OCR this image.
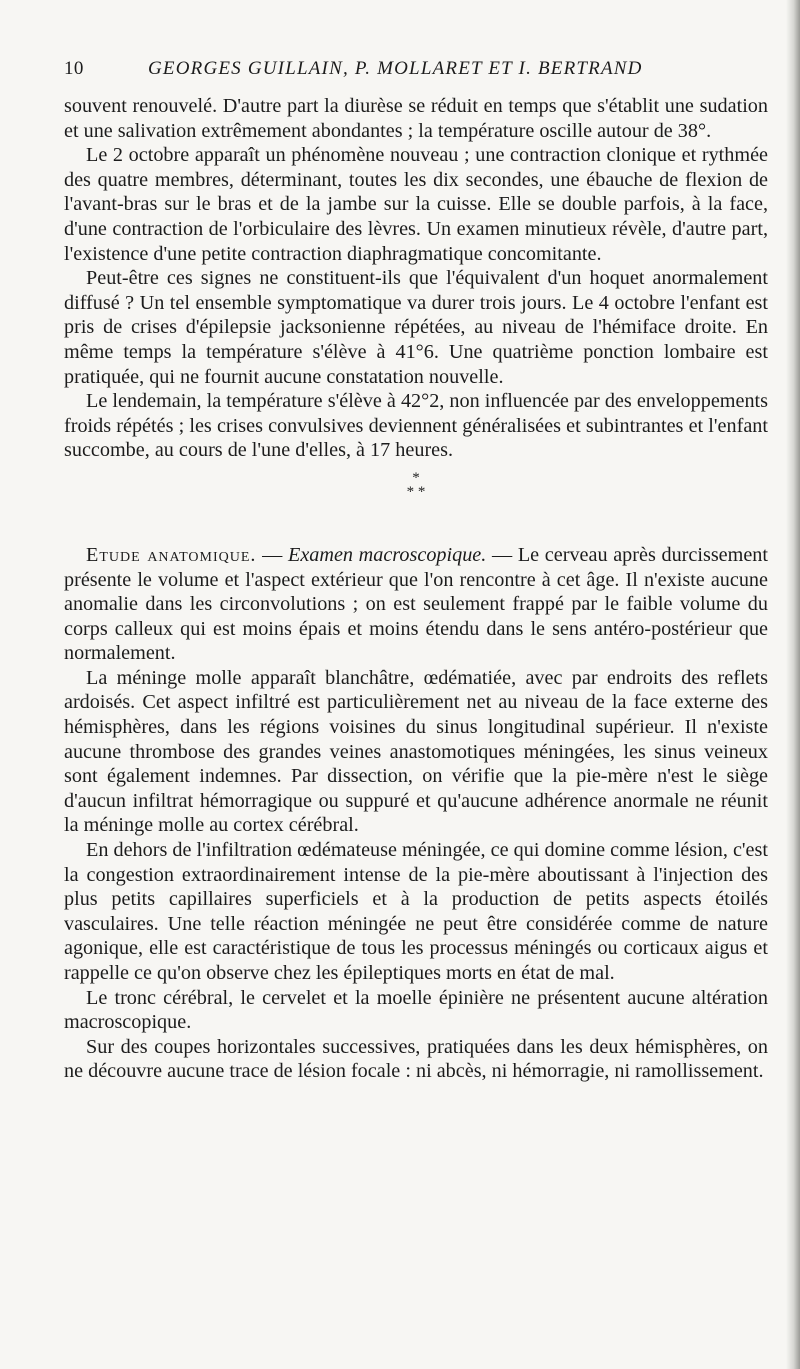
10	GEORGES GUILLAIN, P. MOLLARET ET I. BERTRAND

souvent renouvelé. D'autre part la diurèse se réduit en temps que s'établit une sudation et une salivation extrêmement abondantes ; la température oscille autour de 38°.

Le 2 octobre apparaît un phénomène nouveau ; une contraction clonique et rythmée des quatre membres, déterminant, toutes les dix secondes, une ébauche de flexion de l'avant-bras sur le bras et de la jambe sur la cuisse. Elle se double parfois, à la face, d'une contraction de l'orbiculaire des lèvres. Un examen minutieux révèle, d'autre part, l'existence d'une petite contraction diaphragmatique concomitante.

Peut-être ces signes ne constituent-ils que l'équivalent d'un hoquet anormalement diffusé ? Un tel ensemble symptomatique va durer trois jours. Le 4 octobre l'enfant est pris de crises d'épilepsie jacksonienne répétées, au niveau de l'hémiface droite. En même temps la température s'élève à 41°6. Une quatrième ponction lombaire est pratiquée, qui ne fournit aucune constatation nouvelle.

Le lendemain, la température s'élève à 42°2, non influencée par des enveloppements froids répétés ; les crises convulsives deviennent généralisées et subintrantes et l'enfant succombe, au cours de l'une d'elles, à 17 heures.

*
* *

Etude anatomique. — Examen macroscopique. — Le cerveau après durcissement présente le volume et l'aspect extérieur que l'on rencontre à cet âge. Il n'existe aucune anomalie dans les circonvolutions ; on est seulement frappé par le faible volume du corps calleux qui est moins épais et moins étendu dans le sens antéro-postérieur que normalement.

La méninge molle apparaît blanchâtre, œdématiée, avec par endroits des reflets ardoisés. Cet aspect infiltré est particulièrement net au niveau de la face externe des hémisphères, dans les régions voisines du sinus longitudinal supérieur. Il n'existe aucune thrombose des grandes veines anastomotiques méningées, les sinus veineux sont également indemnes. Par dissection, on vérifie que la pie-mère n'est le siège d'aucun infiltrat hémorragique ou suppuré et qu'aucune adhérence anormale ne réunit la méninge molle au cortex cérébral.

En dehors de l'infiltration œdémateuse méningée, ce qui domine comme lésion, c'est la congestion extraordinairement intense de la pie-mère aboutissant à l'injection des plus petits capillaires superficiels et à la production de petits aspects étoilés vasculaires. Une telle réaction méningée ne peut être considérée comme de nature agonique, elle est caractéristique de tous les processus méningés ou corticaux aigus et rappelle ce qu'on observe chez les épileptiques morts en état de mal.

Le tronc cérébral, le cervelet et la moelle épinière ne présentent aucune altération macroscopique.

Sur des coupes horizontales successives, pratiquées dans les deux hémisphères, on ne découvre aucune trace de lésion focale : ni abcès, ni hémorragie, ni ramollissement.
